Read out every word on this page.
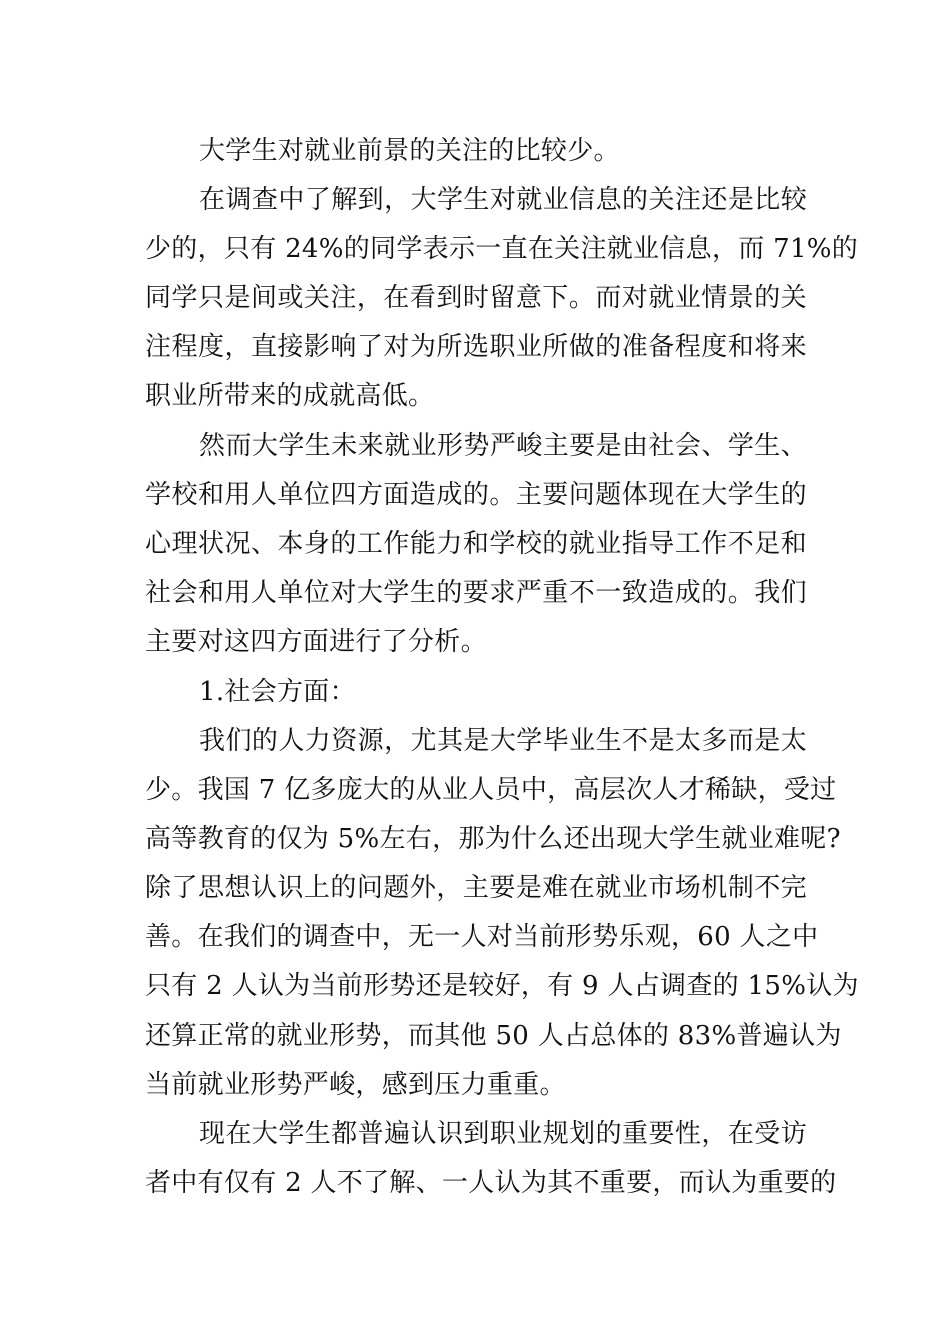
大学生对就业前景的关注的比较少。
在调查中了解到，大学生对就业信息的关注还是比较
少的，只有 24%的同学表示一直在关注就业信息，而 71%的
同学只是间或关注，在看到时留意下。而对就业情景的关
注程度，直接影响了对为所选职业所做的准备程度和将来
职业所带来的成就高低。
然而大学生未来就业形势严峻主要是由社会、学生、
学校和用人单位四方面造成的。主要问题体现在大学生的
心理状况、本身的工作能力和学校的就业指导工作不足和
社会和用人单位对大学生的要求严重不一致造成的。我们
主要对这四方面进行了分析。
1.社会方面：
我们的人力资源，尤其是大学毕业生不是太多而是太
少。我国 7 亿多庞大的从业人员中，高层次人才稀缺，受过
高等教育的仅为 5%左右，那为什么还出现大学生就业难呢?
除了思想认识上的问题外，主要是难在就业市场机制不完
善。在我们的调查中，无一人对当前形势乐观，60 人之中
只有 2 人认为当前形势还是较好，有 9 人占调查的 15%认为
还算正常的就业形势，而其他 50 人占总体的 83%普遍认为
当前就业形势严峻，感到压力重重。
现在大学生都普遍认识到职业规划的重要性，在受访
者中有仅有 2 人不了解、一人认为其不重要，而认为重要的
